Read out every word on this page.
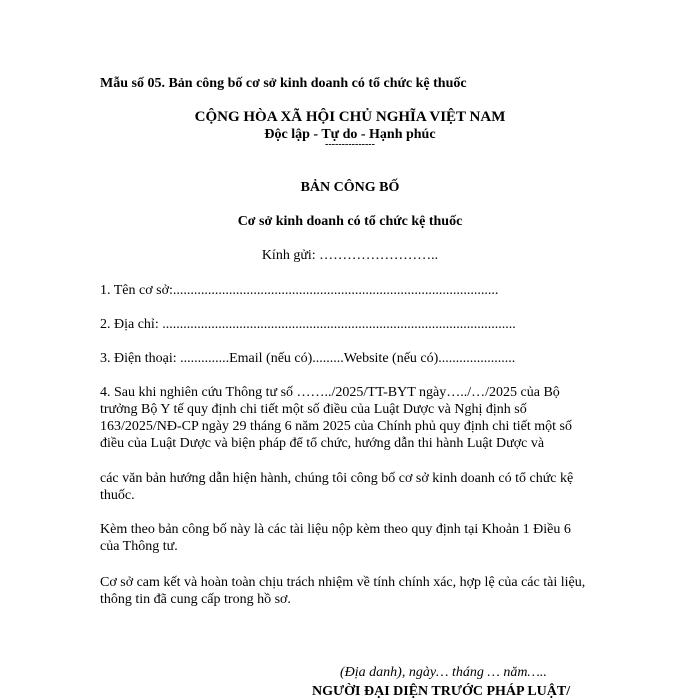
Mẫu số 05. Bản công bố cơ sở kinh doanh có tổ chức kệ thuốc
CỘNG HÒA XÃ HỘI CHỦ NGHĨA VIỆT NAM
Độc lập - Tự do - Hạnh phúc
---------------
BẢN CÔNG BỐ
Cơ sở kinh doanh có tổ chức kệ thuốc
Kính gửi: ……………………..
1. Tên cơ sở:.............................................................................................
2. Địa chỉ: .....................................................................................................
3. Điện thoại: ..............Email (nếu có).........Website (nếu có)......................
4. Sau khi nghiên cứu Thông tư số ……../2025/TT-BYT ngày…../…/2025 của Bộ
trưởng Bộ Y tế quy định chi tiết một số điều của Luật Dược và Nghị định số
163/2025/NĐ-CP ngày 29 tháng 6 năm 2025 của Chính phủ quy định chi tiết một số
điều của Luật Dược và biện pháp để tổ chức, hướng dẫn thi hành Luật Dược và
các văn bản hướng dẫn hiện hành, chúng tôi công bố cơ sở kinh doanh có tổ chức kệ
thuốc.
Kèm theo bản công bố này là các tài liệu nộp kèm theo quy định tại Khoản 1 Điều 6
của Thông tư.
Cơ sở cam kết và hoàn toàn chịu trách nhiệm về tính chính xác, hợp lệ của các tài liệu,
thông tin đã cung cấp trong hồ sơ.
(Địa danh), ngày… tháng … năm…..
NGƯỜI ĐẠI DIỆN TRƯỚC PHÁP LUẬT/
